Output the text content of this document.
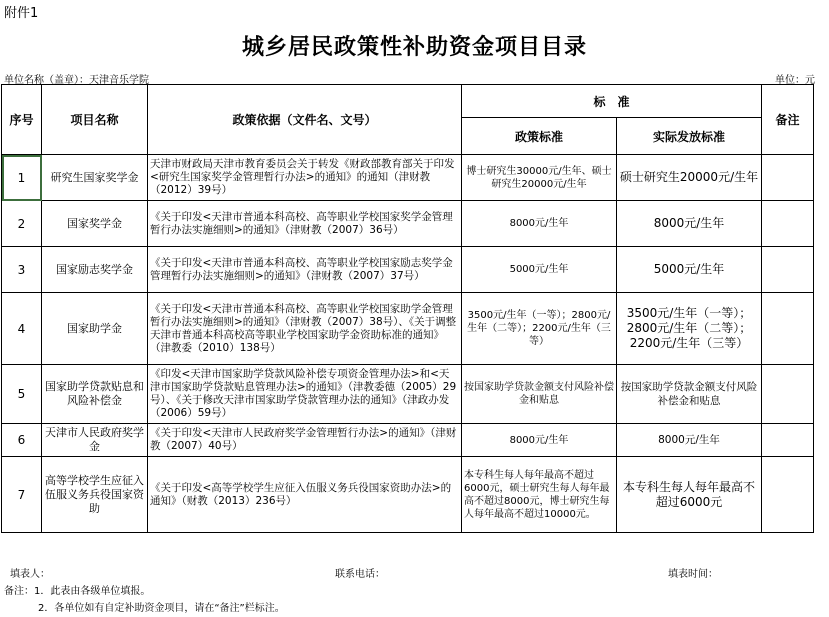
附件1
城乡居民政策性补助资金项目目录
单位名称（盖章）：天津音乐学院	单位：元
序号	项目名称	政策依据（文件名、文号）	标　准		备注
			政策标准	实际发放标准	
1	研究生国家奖学金	天津市财政局天津市教育委员会关于转发《财政部教育部关于印发<研究生国家奖学金管理暂行办法>的通知》的通知（津财教（2012）39号）	博士研究生30000元/生年、硕士研究生20000元/生年	硕士研究生20000元/生年	
2	国家奖学金	《关于印发<天津市普通本科高校、高等职业学校国家奖学金管理暂行办法实施细则>的通知》（津财教（2007）36号）	8000元/生年	8000元/生年	
3	国家励志奖学金	《关于印发<天津市普通本科高校、高等职业学校国家励志奖学金管理暂行办法实施细则>的通知》（津财教（2007）37号）	5000元/生年	5000元/生年	
4	国家助学金	《关于印发<天津市普通本科高校、高等职业学校国家助学金管理暂行办法实施细则>的通知》（津财教（2007）38号）、《关于调整天津市普通本科高校高等职业学校国家助学金资助标准的通知》（津教委（2010）138号）	3500元/生年（一等）；2800元/生年（二等）；2200元/生年（三等）	3500元/生年（一等）；2800元/生年（二等）；2200元/生年（三等）	
5	国家助学贷款贴息和风险补偿金	《印发<天津市国家助学贷款风险补偿专项资金管理办法>和<天津市国家助学贷款贴息管理办法>的通知》（津教委德（2005）29号）、《关于修改天津市国家助学贷款管理办法的通知》（津政办发（2006）59号）	按国家助学贷款金额支付风险补偿金和贴息	按国家助学贷款金额支付风险补偿金和贴息	
6	天津市人民政府奖学金	《关于印发<天津市人民政府奖学金管理暂行办法>的通知》（津财教（2007）40号）	8000元/生年	8000元/生年	
7	高等学校学生应征入伍服义务兵役国家资助	《关于印发<高等学校学生应征入伍服义务兵役国家资助办法>的通知》（财教（2013）236号）	本专科生每人每年最高不超过6000元，硕士研究生每人每年最高不超过8000元，博士研究生每人每年最高不超过10000元。	本专科生每人每年最高不超过6000元	
填表人：	联系电话：	填表时间：
备注：1．此表由各级单位填报。
2．各单位如有自定补助资金项目，请在“备注”栏标注。
